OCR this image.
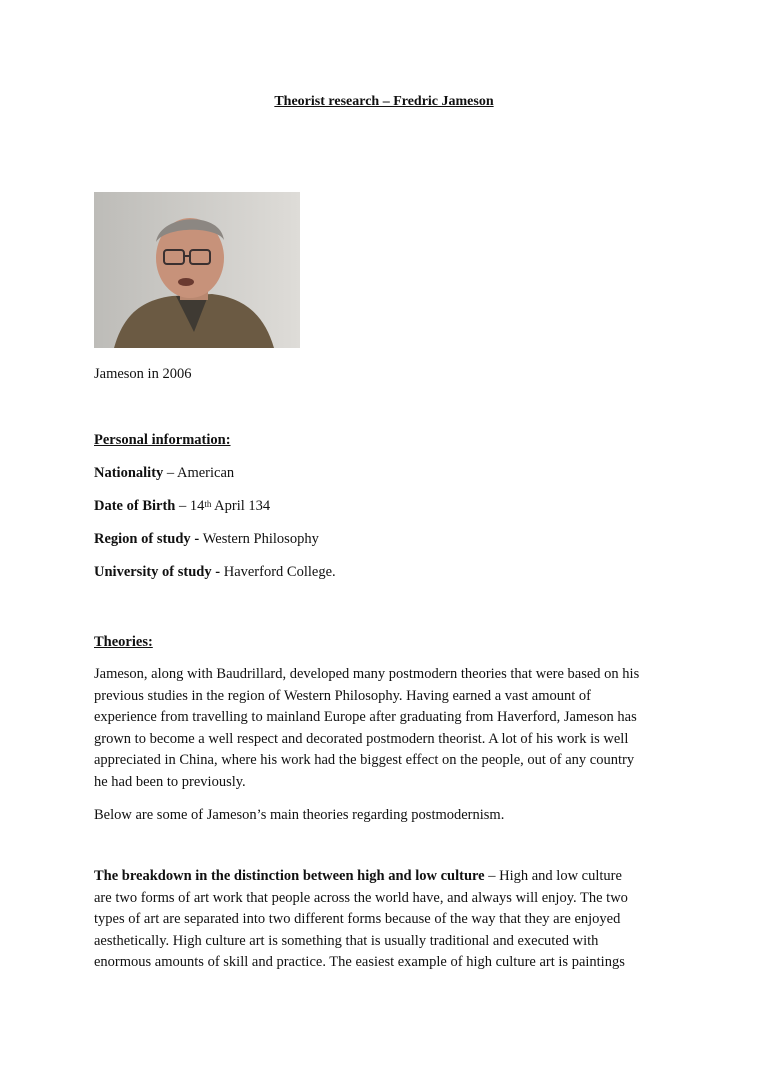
Theorist research – Fredric Jameson
Jameson in 2006

Personal information:

Nationality – American

Date of Birth – 14th April 134

Region of study - Western Philosophy

University of study - Haverford College.

Theories:

Jameson, along with Baudrillard, developed many postmodern theories that were based on his

previous studies in the region of Western Philosophy. Having earned a vast amount of

experience from travelling to mainland Europe after graduating from Haverford, Jameson has

grown to become a well respect and decorated postmodern theorist. A lot of his work is well

appreciated in China, where his work had the biggest effect on the people, out of any country

he had been to previously.

Below are some of Jameson’s main theories regarding postmodernism.

The breakdown in the distinction between high and low culture – High and low culture

are two forms of art work that people across the world have, and always will enjoy. The two

types of art are separated into two different forms because of the way that they are enjoyed

aesthetically. High culture art is something that is usually traditional and executed with

enormous amounts of skill and practice. The easiest example of high culture art is paintings
